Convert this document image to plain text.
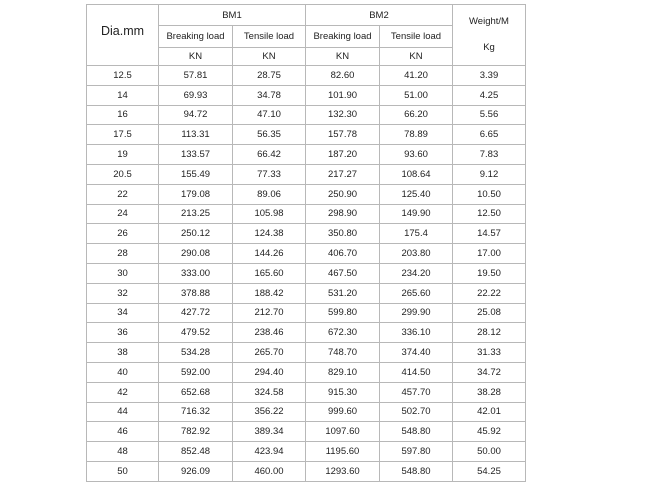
Dia.mm	BM1		BM2		Weight/M
Kg

	Breaking load	Tensile load	Breaking load	Tensile load	
	KN	KN	KN	KN	
12.5	57.81	28.75	82.60	41.20	3.39
14	69.93	34.78	101.90	51.00	4.25
16	94.72	47.10	132.30	66.20	5.56
17.5	113.31	56.35	157.78	78.89	6.65
19	133.57	66.42	187.20	93.60	7.83
20.5	155.49	77.33	217.27	108.64	9.12
22	179.08	89.06	250.90	125.40	10.50
24	213.25	105.98	298.90	149.90	12.50
26	250.12	124.38	350.80	175.4	14.57
28	290.08	144.26	406.70	203.80	17.00
30	333.00	165.60	467.50	234.20	19.50
32	378.88	188.42	531.20	265.60	22.22
34	427.72	212.70	599.80	299.90	25.08
36	479.52	238.46	672.30	336.10	28.12
38	534.28	265.70	748.70	374.40	31.33
40	592.00	294.40	829.10	414.50	34.72
42	652.68	324.58	915.30	457.70	38.28
44	716.32	356.22	999.60	502.70	42.01
46	782.92	389.34	1097.60	548.80	45.92
48	852.48	423.94	1195.60	597.80	50.00
50	926.09	460.00	1293.60	548.80	54.25
